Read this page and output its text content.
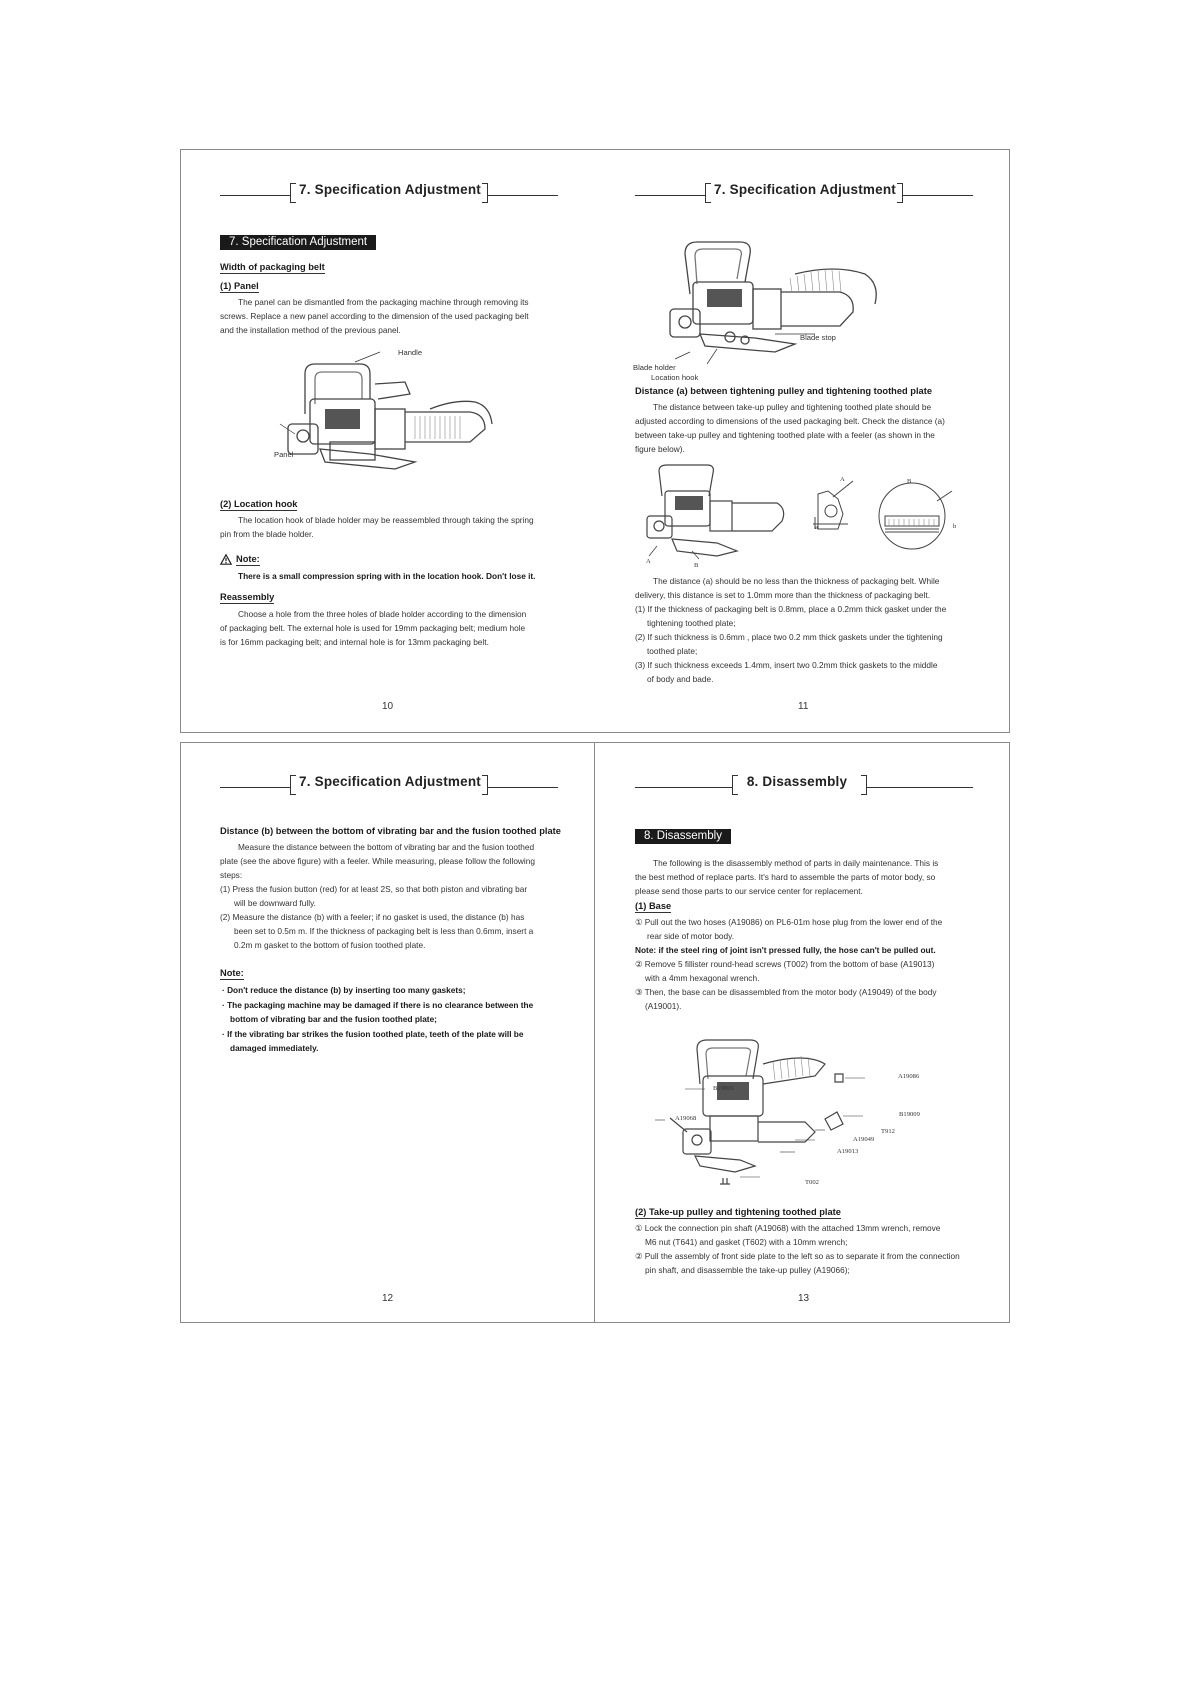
7. Specification Adjustment
7. Specification Adjustment
Width of packaging belt
(1) Panel
The panel can be dismantled from the packaging machine through removing its
screws. Replace a new panel according to the dimension of the used packaging belt
and the installation method of the previous panel.
Handle
Panel
(2) Location hook
The location hook of blade holder may be reassembled through taking the spring
pin from the blade holder.
Note:
There is a small compression spring with in the location hook. Don't lose it.
Reassembly
Choose a hole from the three holes of blade holder according to the dimension
of packaging belt. The external hole is used for 19mm packaging belt; medium hole
is for 16mm packaging belt; and internal hole is for 13mm packaging belt.
10
7. Specification Adjustment
Blade stop
Blade holder
Location hook
Distance (a) between tightening pulley and tightening toothed plate
The distance between take-up pulley and tightening toothed plate should be
adjusted according to dimensions of the used packaging belt. Check the distance (a)
between take-up pulley and tightening toothed plate with a feeler (as shown in the
figure below).
A
B
a
A	B
b
The distance (a) should be no less than the thickness of packaging belt. While
delivery, this distance is set to 1.0mm more than the thickness of packaging belt.
(1) If the thickness of packaging belt is 0.8mm, place a 0.2mm thick gasket under the
tightening toothed plate;
(2) If such thickness is 0.6mm , place two 0.2 mm thick gaskets under the tightening
toothed plate;
(3) If such thickness exceeds 1.4mm, insert two 0.2mm thick gaskets to the middle
of body and bade.
11
7. Specification Adjustment
Distance (b) between the bottom of vibrating bar and the fusion toothed plate
Measure the distance between the bottom of vibrating bar and the fusion toothed
plate (see the above figure) with a feeler. While measuring, please follow the following
steps:
(1) Press the fusion button (red) for at least 2S, so that both piston and vibrating bar
will be downward fully.
(2) Measure the distance (b) with a feeler; if no gasket is used, the distance (b) has
been set to 0.5m m. If the thickness of packaging belt is less than 0.6mm, insert a
0.2m m gasket to the bottom of fusion toothed plate.
Note:
· Don't reduce the distance (b) by inserting too many gaskets;
· The packaging machine may be damaged if there is no clearance between the
bottom of vibrating bar and the fusion toothed plate;
· If the vibrating bar strikes the fusion toothed plate, teeth of the plate will be
damaged immediately.
12
8. Disassembly
8. Disassembly
The following is the disassembly method of parts in daily maintenance. This is
the best method of replace parts. It's hard to assemble the parts of motor body, so
please send those parts to our service center for replacement.
(1) Base
① Pull out the two hoses (A19086) on PL6-01m hose plug from the lower end of the
rear side of motor body.
Note: if the steel ring of joint isn't pressed fully, the hose can't be pulled out.
② Remove 5 fillister round-head screws (T002) from the bottom of base (A19013)
with a 4mm hexagonal wrench.
③ Then, the base can be disassembled from the motor body (A19049) of the body
(A19001).
A19086
B19001
B19009
A19068
T912
A19049
A19013
T002
(2) Take-up pulley and tightening toothed plate
① Lock the connection pin shaft (A19068) with the attached 13mm wrench, remove
M6 nut (T641) and gasket (T602) with a 10mm wrench;
② Pull the assembly of front side plate to the left so as to separate it from the connection
pin shaft, and disassemble the take-up pulley (A19066);
13
